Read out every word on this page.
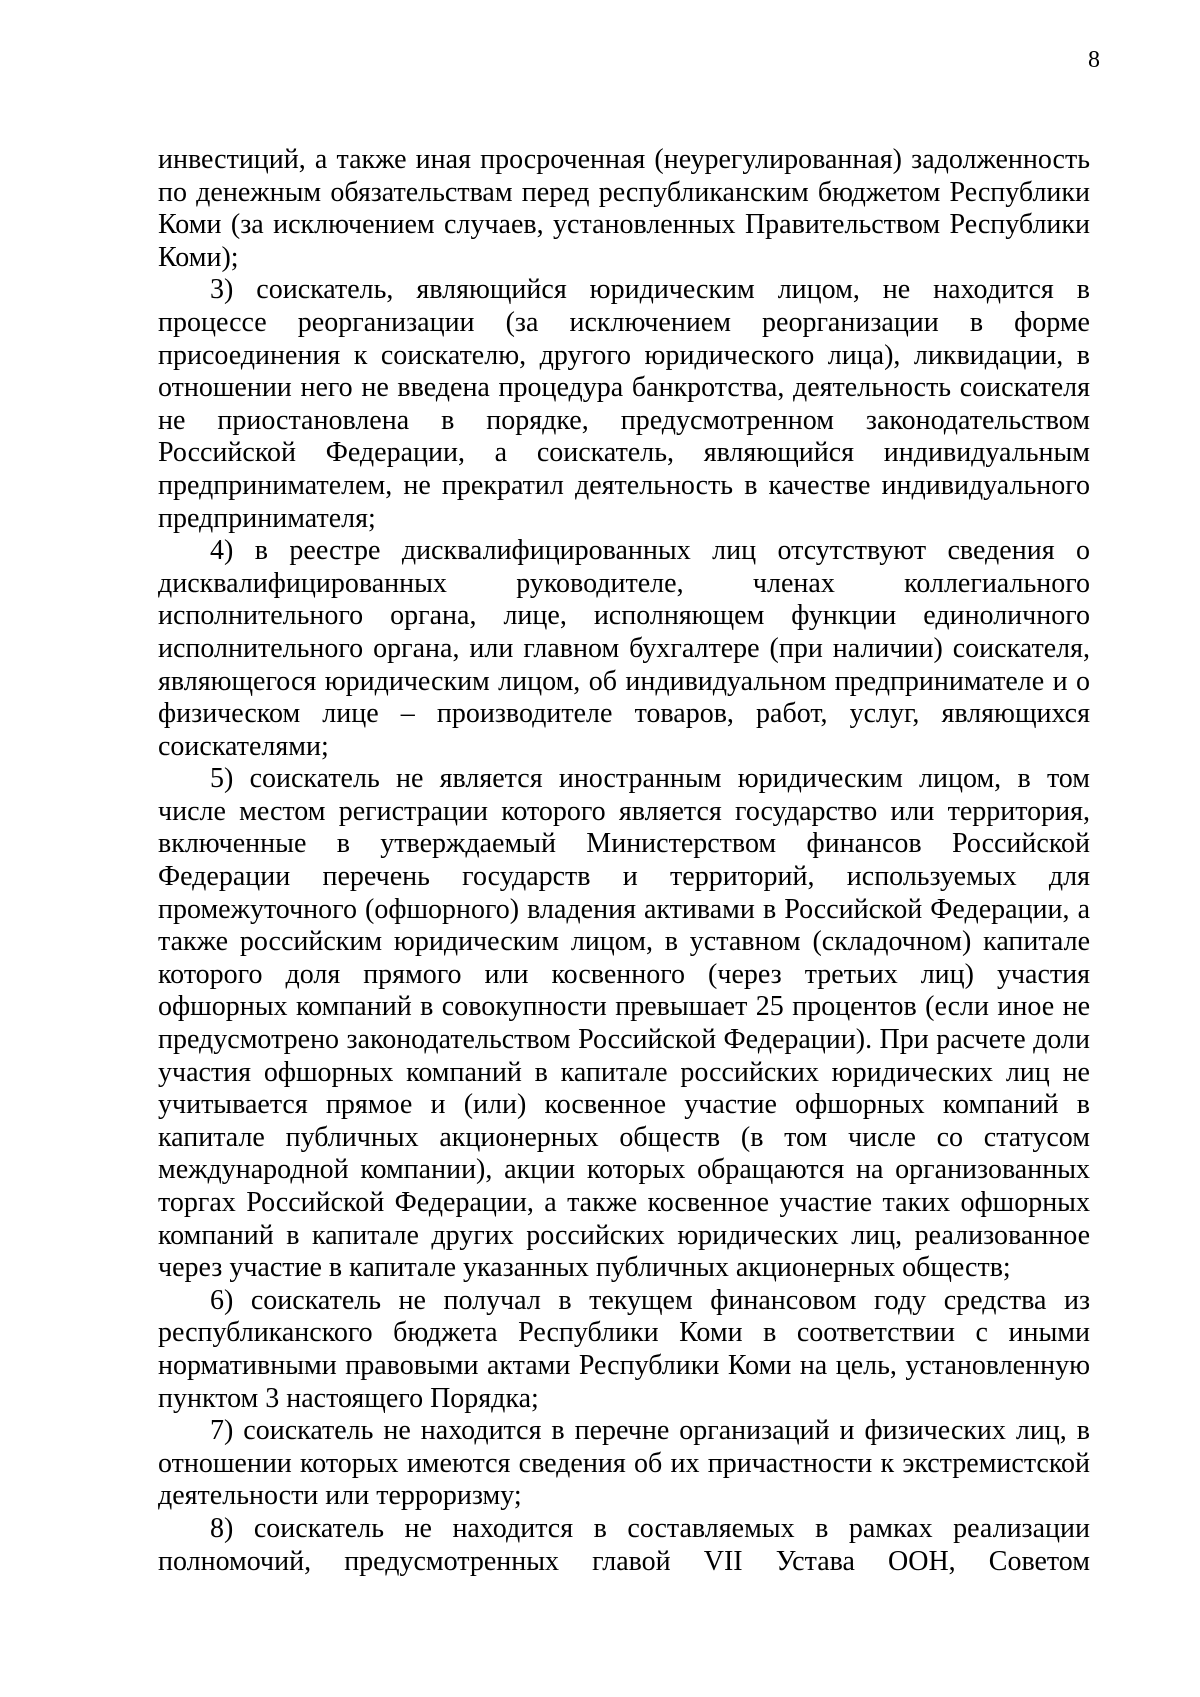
8

инвестиций, а также иная просроченная (неурегулированная) задолженность по денежным обязательствам перед республиканским бюджетом Республики Коми (за исключением случаев, установленных Правительством Республики Коми);

3) соискатель, являющийся юридическим лицом, не находится в процессе реорганизации (за исключением реорганизации в форме присоединения к соискателю, другого юридического лица), ликвидации, в отношении него не введена процедура банкротства, деятельность соискателя не приостановлена в порядке, предусмотренном законодательством Российской Федерации, а соискатель, являющийся индивидуальным предпринимателем, не прекратил деятельность в качестве индивидуального предпринимателя;

4) в реестре дисквалифицированных лиц отсутствуют сведения о дисквалифицированных руководителе, членах коллегиального исполнительного органа, лице, исполняющем функции единоличного исполнительного органа, или главном бухгалтере (при наличии) соискателя, являющегося юридическим лицом, об индивидуальном предпринимателе и о физическом лице – производителе товаров, работ, услуг, являющихся соискателями;

5) соискатель не является иностранным юридическим лицом, в том числе местом регистрации которого является государство или территория, включенные в утверждаемый Министерством финансов Российской Федерации перечень государств и территорий, используемых для промежуточного (офшорного) владения активами в Российской Федерации, а также российским юридическим лицом, в уставном (складочном) капитале которого доля прямого или косвенного (через третьих лиц) участия офшорных компаний в совокупности превышает 25 процентов (если иное не предусмотрено законодательством Российской Федерации). При расчете доли участия офшорных компаний в капитале российских юридических лиц не учитывается прямое и (или) косвенное участие офшорных компаний в капитале публичных акционерных обществ (в том числе со статусом международной компании), акции которых обращаются на организованных торгах Российской Федерации, а также косвенное участие таких офшорных компаний в капитале других российских юридических лиц, реализованное через участие в капитале указанных публичных акционерных обществ;

6) соискатель не получал в текущем финансовом году средства из республиканского бюджета Республики Коми в соответствии с иными нормативными правовыми актами Республики Коми на цель, установленную пунктом 3 настоящего Порядка;

7) соискатель не находится в перечне организаций и физических лиц, в отношении которых имеются сведения об их причастности к экстремистской деятельности или терроризму;

8) соискатель не находится в составляемых в рамках реализации полномочий, предусмотренных главой VII Устава ООН, Советом
